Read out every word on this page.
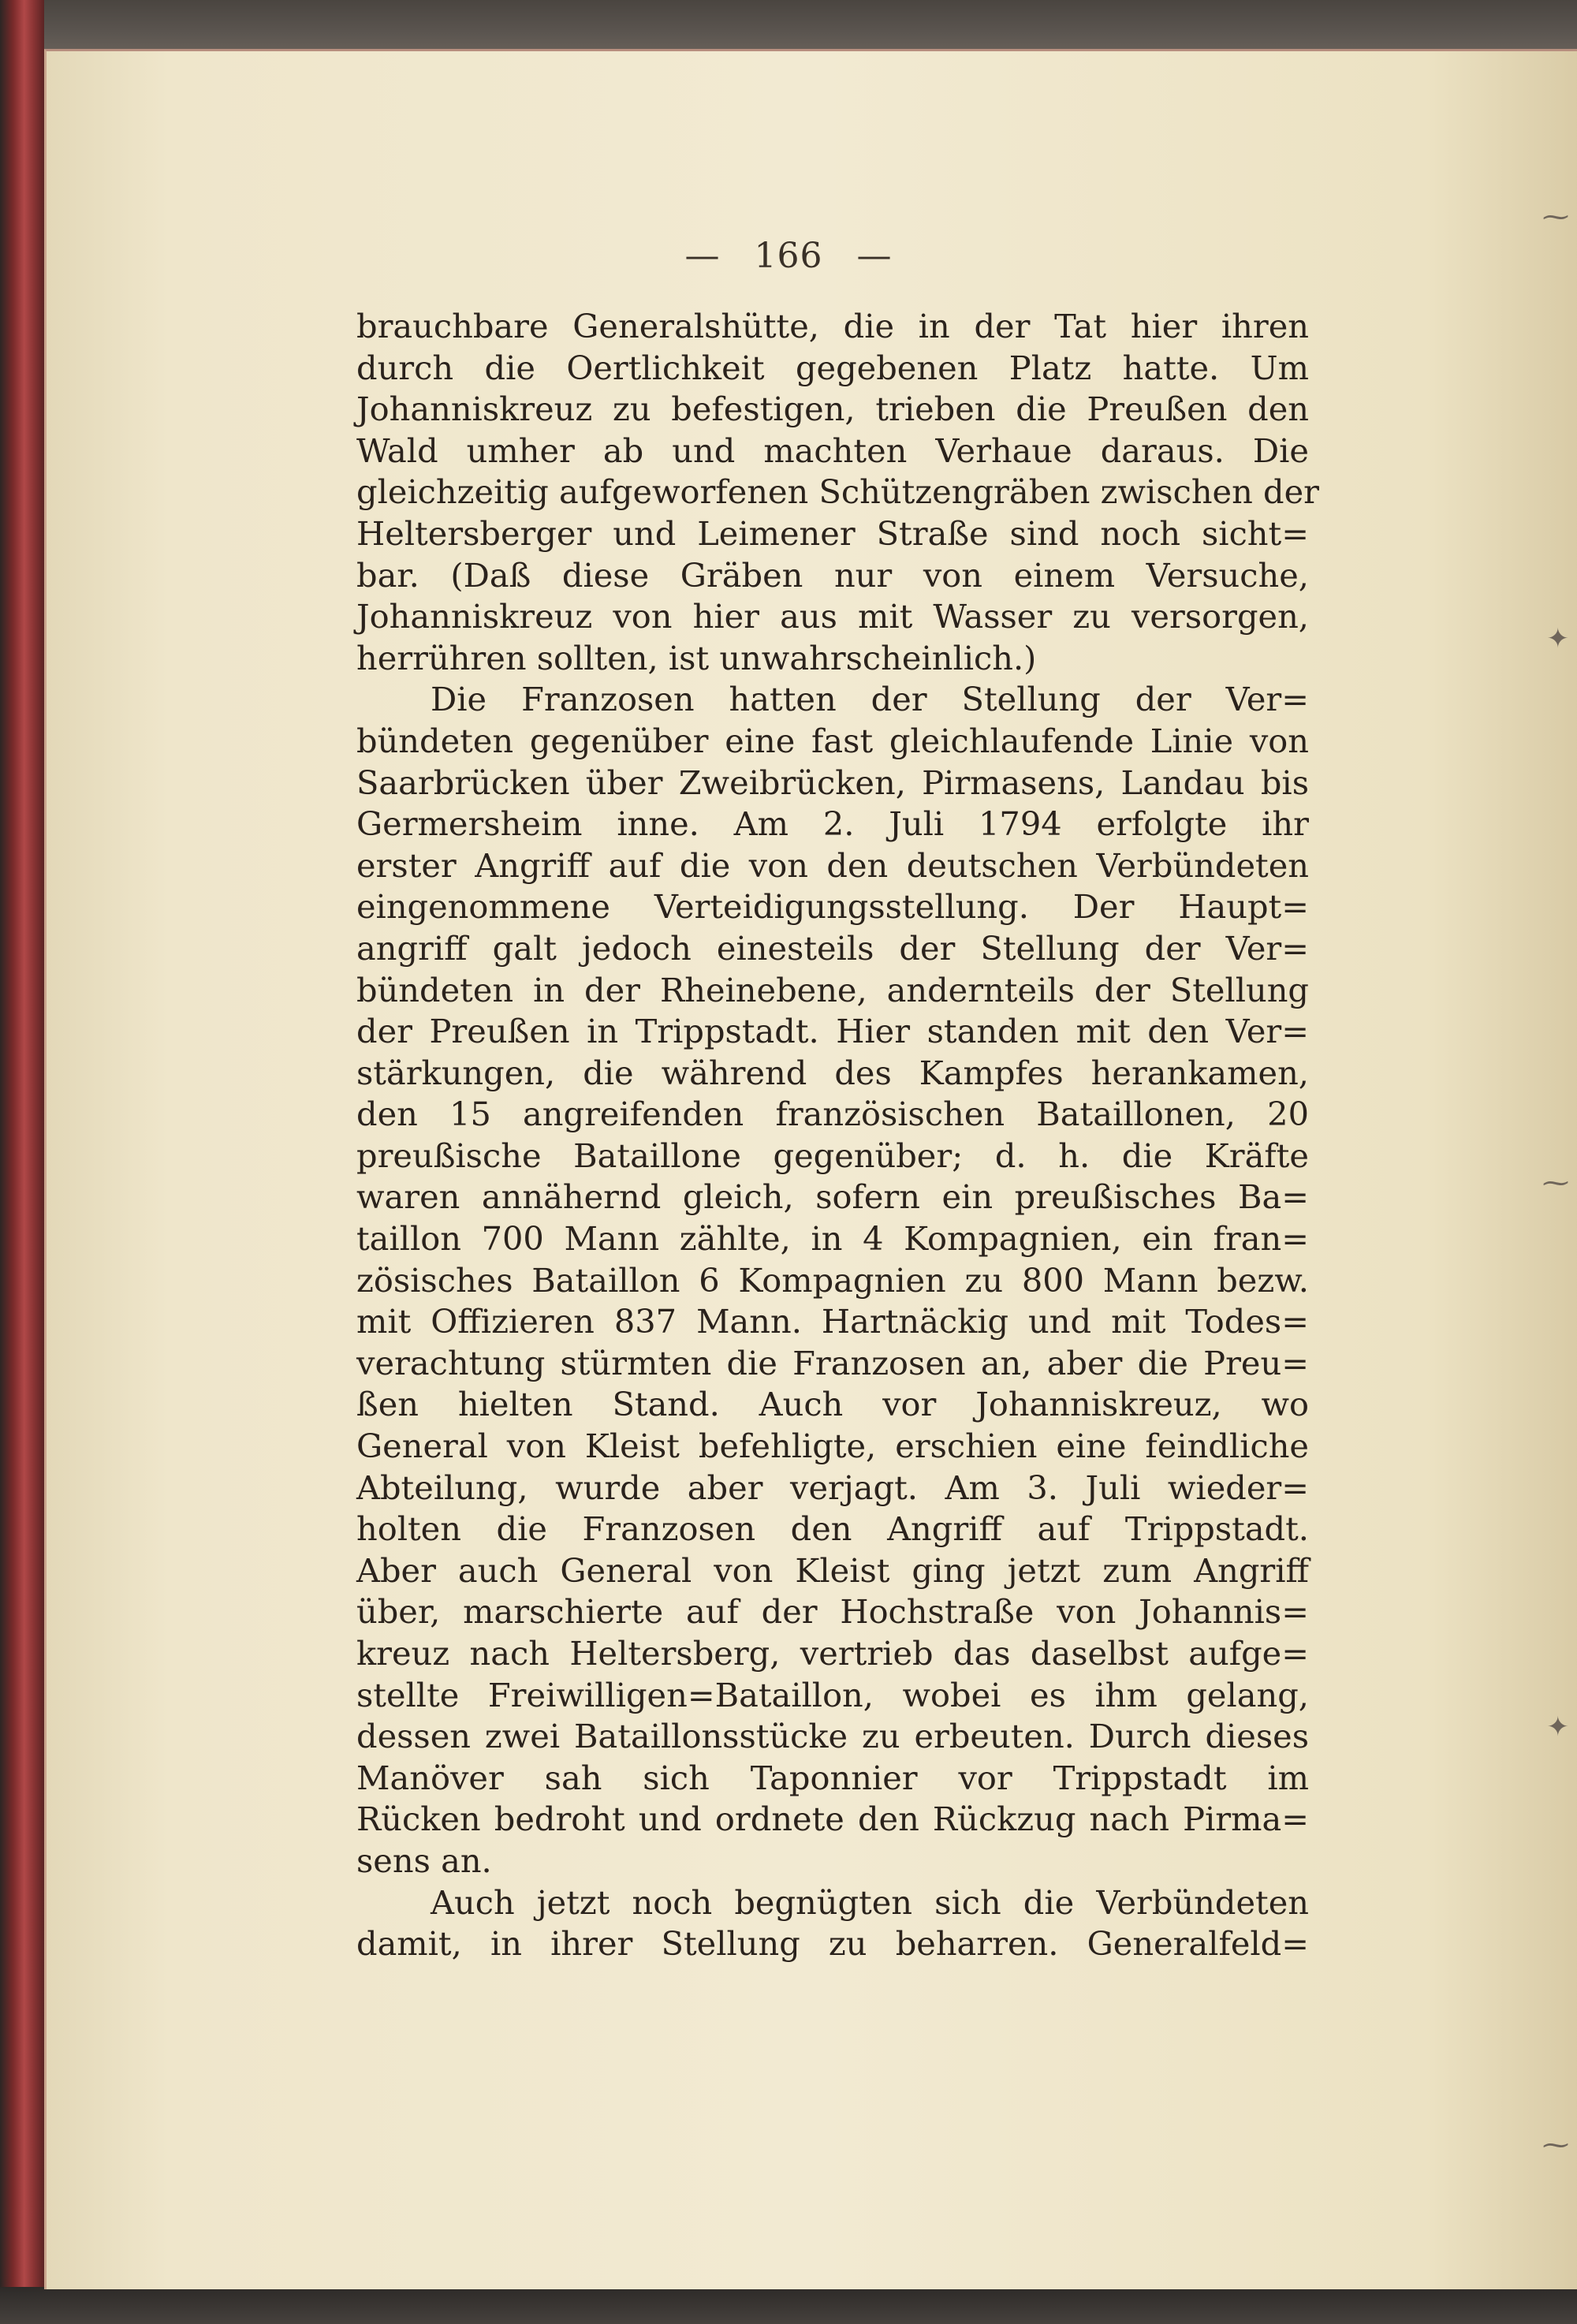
⁓
✦
⁓
✦
⁓
— 166 —
brauchbare Generalshütte, die in der Tat hier ihren
durch die Oertlichkeit gegebenen Platz hatte. Um
Johanniskreuz zu befestigen, trieben die Preußen den
Wald umher ab und machten Verhaue daraus. Die
gleichzeitig aufgeworfenen Schützengräben zwischen der
Heltersberger und Leimener Straße sind noch sicht=
bar. (Daß diese Gräben nur von einem Versuche,
Johanniskreuz von hier aus mit Wasser zu versorgen,
herrühren sollten, ist unwahrscheinlich.)
Die Franzosen hatten der Stellung der Ver=
bündeten gegenüber eine fast gleichlaufende Linie von
Saarbrücken über Zweibrücken, Pirmasens, Landau bis
Germersheim inne. Am 2. Juli 1794 erfolgte ihr
erster Angriff auf die von den deutschen Verbündeten
eingenommene Verteidigungsstellung. Der Haupt=
angriff galt jedoch einesteils der Stellung der Ver=
bündeten in der Rheinebene, andernteils der Stellung
der Preußen in Trippstadt. Hier standen mit den Ver=
stärkungen, die während des Kampfes herankamen,
den 15 angreifenden französischen Bataillonen, 20
preußische Bataillone gegenüber; d. h. die Kräfte
waren annähernd gleich, sofern ein preußisches Ba=
taillon 700 Mann zählte, in 4 Kompagnien, ein fran=
zösisches Bataillon 6 Kompagnien zu 800 Mann bezw.
mit Offizieren 837 Mann. Hartnäckig und mit Todes=
verachtung stürmten die Franzosen an, aber die Preu=
ßen hielten Stand. Auch vor Johanniskreuz, wo
General von Kleist befehligte, erschien eine feindliche
Abteilung, wurde aber verjagt. Am 3. Juli wieder=
holten die Franzosen den Angriff auf Trippstadt.
Aber auch General von Kleist ging jetzt zum Angriff
über, marschierte auf der Hochstraße von Johannis=
kreuz nach Heltersberg, vertrieb das daselbst aufge=
stellte Freiwilligen=Bataillon, wobei es ihm gelang,
dessen zwei Bataillonsstücke zu erbeuten. Durch dieses
Manöver sah sich Taponnier vor Trippstadt im
Rücken bedroht und ordnete den Rückzug nach Pirma=
sens an.
Auch jetzt noch begnügten sich die Verbündeten
damit, in ihrer Stellung zu beharren. Generalfeld=
